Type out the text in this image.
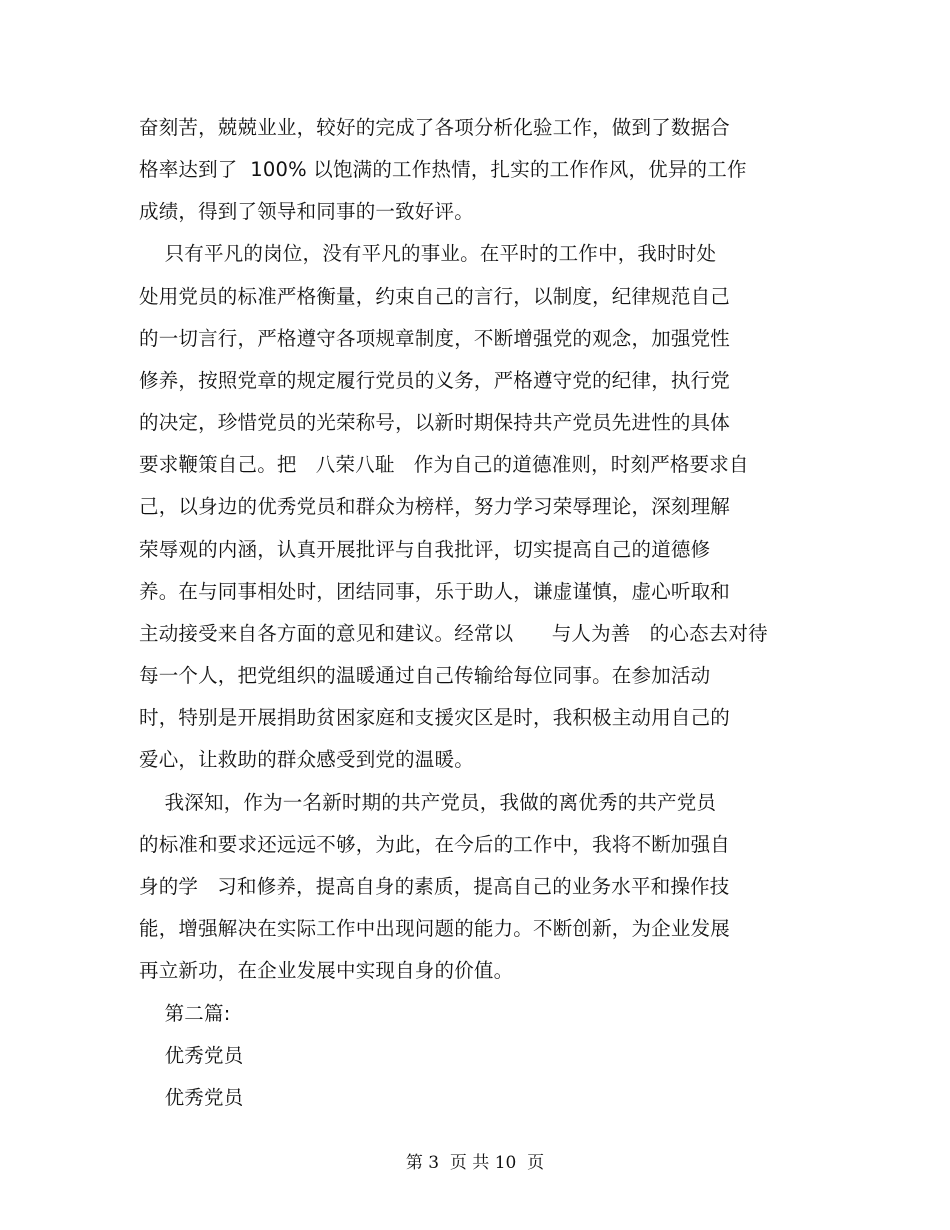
奋刻苦，兢兢业业，较好的完成了各项分析化验工作，做到了数据合
格率达到了  100% 以饱满的工作热情，扎实的工作作风，优异的工作
成绩，得到了领导和同事的一致好评。
只有平凡的岗位，没有平凡的事业。在平时的工作中，我时时处
处用党员的标准严格衡量，约束自己的言行，以制度，纪律规范自己
的一切言行，严格遵守各项规章制度，不断增强党的观念，加强党性
修养，按照党章的规定履行党员的义务，严格遵守党的纪律，执行党
的决定，珍惜党员的光荣称号，以新时期保持共产党员先进性的具体
要求鞭策自己。把   八荣八耻   作为自己的道德准则，时刻严格要求自
己，以身边的优秀党员和群众为榜样，努力学习荣辱理论，深刻理解
荣辱观的内涵，认真开展批评与自我批评，切实提高自己的道德修
养。在与同事相处时，团结同事，乐于助人，谦虚谨慎，虚心听取和
主动接受来自各方面的意见和建议。经常以      与人为善   的心态去对待
每一个人，把党组织的温暖通过自己传输给每位同事。在参加活动
时，特别是开展捐助贫困家庭和支援灾区是时，我积极主动用自己的
爱心，让救助的群众感受到党的温暖。
我深知，作为一名新时期的共产党员，我做的离优秀的共产党员
的标准和要求还远远不够，为此，在今后的工作中，我将不断加强自
身的学   习和修养，提高自身的素质，提高自己的业务水平和操作技
能，增强解决在实际工作中出现问题的能力。不断创新，为企业发展
再立新功，在企业发展中实现自身的价值。
第二篇:
优秀党员
优秀党员
第 3  页 共 10  页
